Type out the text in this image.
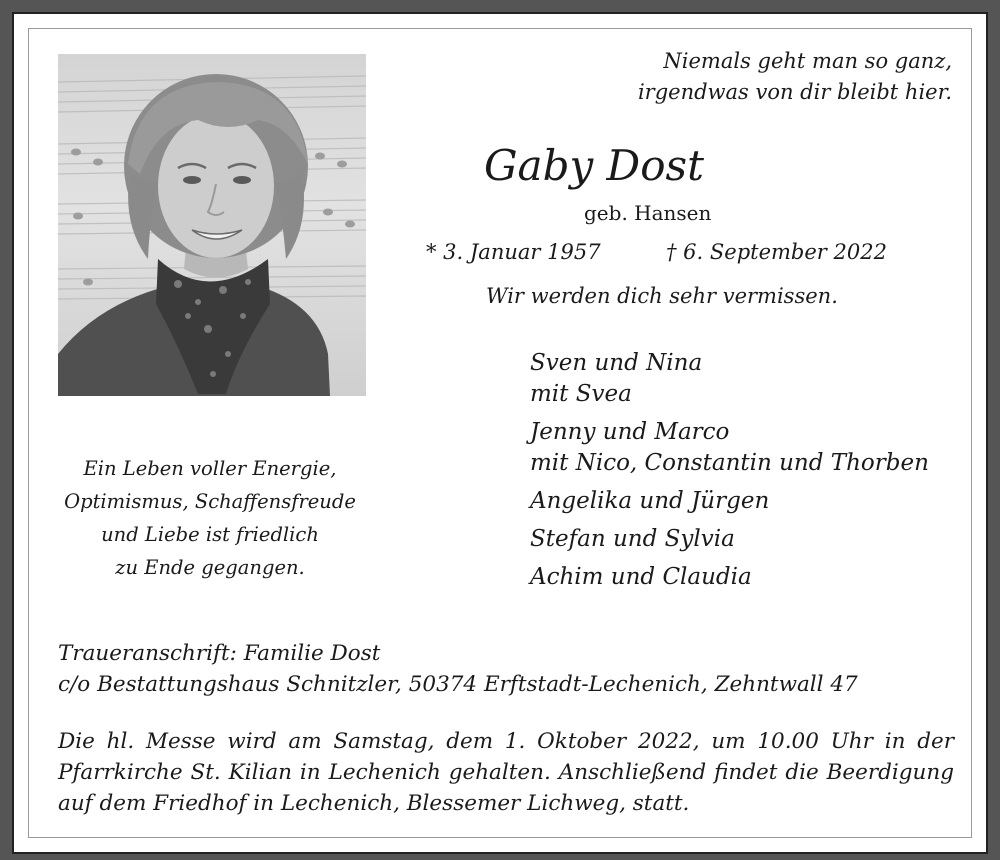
Niemals geht man so ganz,
irgendwas von dir bleibt hier.
Gaby Dost
geb. Hansen
* 3. Januar 1957	† 6. September 2022
Wir werden dich sehr vermissen.
Sven und Nina
mit Svea
Jenny und Marco
mit Nico, Constantin und Thorben
Angelika und Jürgen
Stefan und Sylvia
Achim und Claudia
Ein Leben voller Energie,
Optimismus, Schaffensfreude
und Liebe ist friedlich
zu Ende gegangen.
Traueranschrift: Familie Dost
c/o Bestattungshaus Schnitzler, 50374 Erftstadt-Lechenich, Zehntwall 47
Die hl. Messe wird am Samstag, dem 1. Oktober 2022, um 10.00 Uhr in der Pfarrkirche St. Kilian in Lechenich gehalten. Anschließend findet die Beerdigung auf dem Friedhof in Lechenich, Blessemer Lichweg, statt.
